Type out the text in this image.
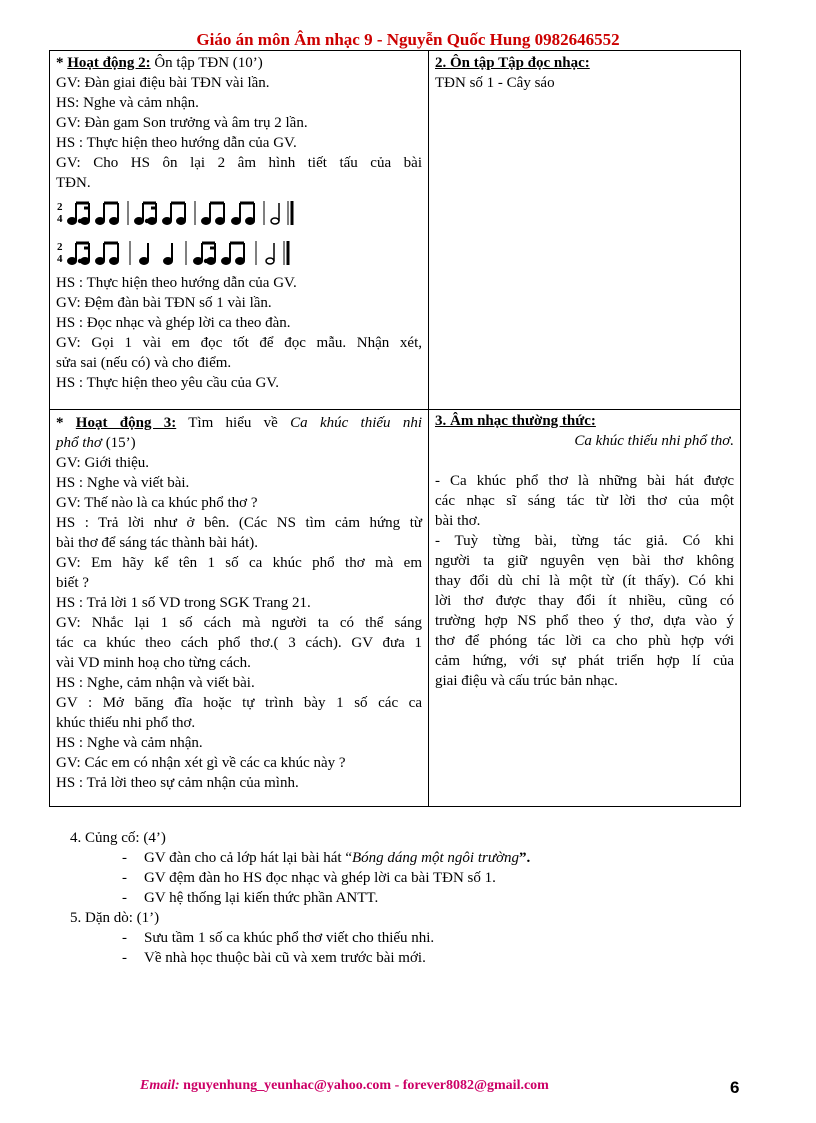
Giáo án môn Âm nhạc 9 - Nguyễn Quốc Hung 0982646552
* Hoạt động 2: Ôn tập TĐN (10’)
GV: Đàn giai điệu bài TĐN vài lần.
HS: Nghe và cảm nhận.
GV: Đàn gam Son trưởng và âm trụ 2 lần.
HS : Thực hiện theo hướng dẫn của GV.
GV: Cho HS ôn lại 2 âm hình tiết tấu của bài
TĐN.
2
4
2
4
HS : Thực hiện theo hướng dẫn của GV.
GV: Đệm đàn bài TĐN số 1 vài lần.
HS : Đọc nhạc và ghép lời ca theo đàn.
GV: Gọi 1 vài em đọc tốt để đọc mẫu. Nhận xét,
sửa sai (nếu có) và cho điểm.
HS : Thực hiện theo yêu cầu của GV.
* Hoạt động 3: Tìm hiểu về Ca khúc thiếu nhi
phổ thơ (15’)
GV: Giới thiệu.
HS : Nghe và viết bài.
GV: Thế nào là ca khúc phổ thơ ?
HS : Trả lời như ở bên. (Các NS tìm cảm hứng từ
bài thơ để sáng tác thành bài hát).
GV: Em hãy kể tên 1 số ca khúc phổ thơ mà em
biết ?
HS : Trả lời 1 số VD trong SGK Trang 21.
GV: Nhắc lại 1 số cách mà người ta có thể sáng
tác ca khúc theo cách phổ thơ.( 3 cách). GV đưa 1
vài VD minh hoạ cho từng cách.
HS : Nghe, cảm nhận và viết bài.
GV : Mở băng đĩa hoặc tự trình bày 1 số các ca
khúc thiếu nhi phổ thơ.
HS : Nghe và cảm nhận.
GV: Các em có nhận xét gì về các ca khúc này ?
HS : Trả lời theo sự cảm nhận của mình.
2. Ôn tập Tập đọc nhạc:
TĐN số 1 - Cây sáo
3. Âm nhạc thường thức:
Ca khúc thiếu nhi phổ thơ.
- Ca khúc phổ thơ là những bài hát được
các nhạc sĩ sáng tác từ lời thơ của một
bài thơ.
- Tuỳ từng bài, từng tác giả. Có khi
người ta giữ nguyên vẹn bài thơ không
thay đổi dù chỉ là một từ (ít thấy). Có khi
lời thơ được thay đổi ít nhiều, cũng có
trường hợp NS phổ theo ý thơ, dựa vào ý
thơ để phóng tác lời ca cho phù hợp với
cảm hứng, với sự phát triển hợp lí của
giai điệu và cấu trúc bản nhạc.
4. Củng cố: (4’)
- GV đàn cho cả lớp hát lại bài hát “Bóng dáng một ngôi trường”.
- GV đệm đàn ho HS đọc nhạc và ghép lời ca bài TĐN số 1.
- GV hệ thống lại kiến thức phần ANTT.
5. Dặn dò: (1’)
- Sưu tầm 1 số ca khúc phổ thơ viết cho thiếu nhi.
- Về nhà học thuộc bài cũ và xem trước bài mới.
Email: nguyenhung_yeunhac@yahoo.com - forever8082@gmail.com	6
